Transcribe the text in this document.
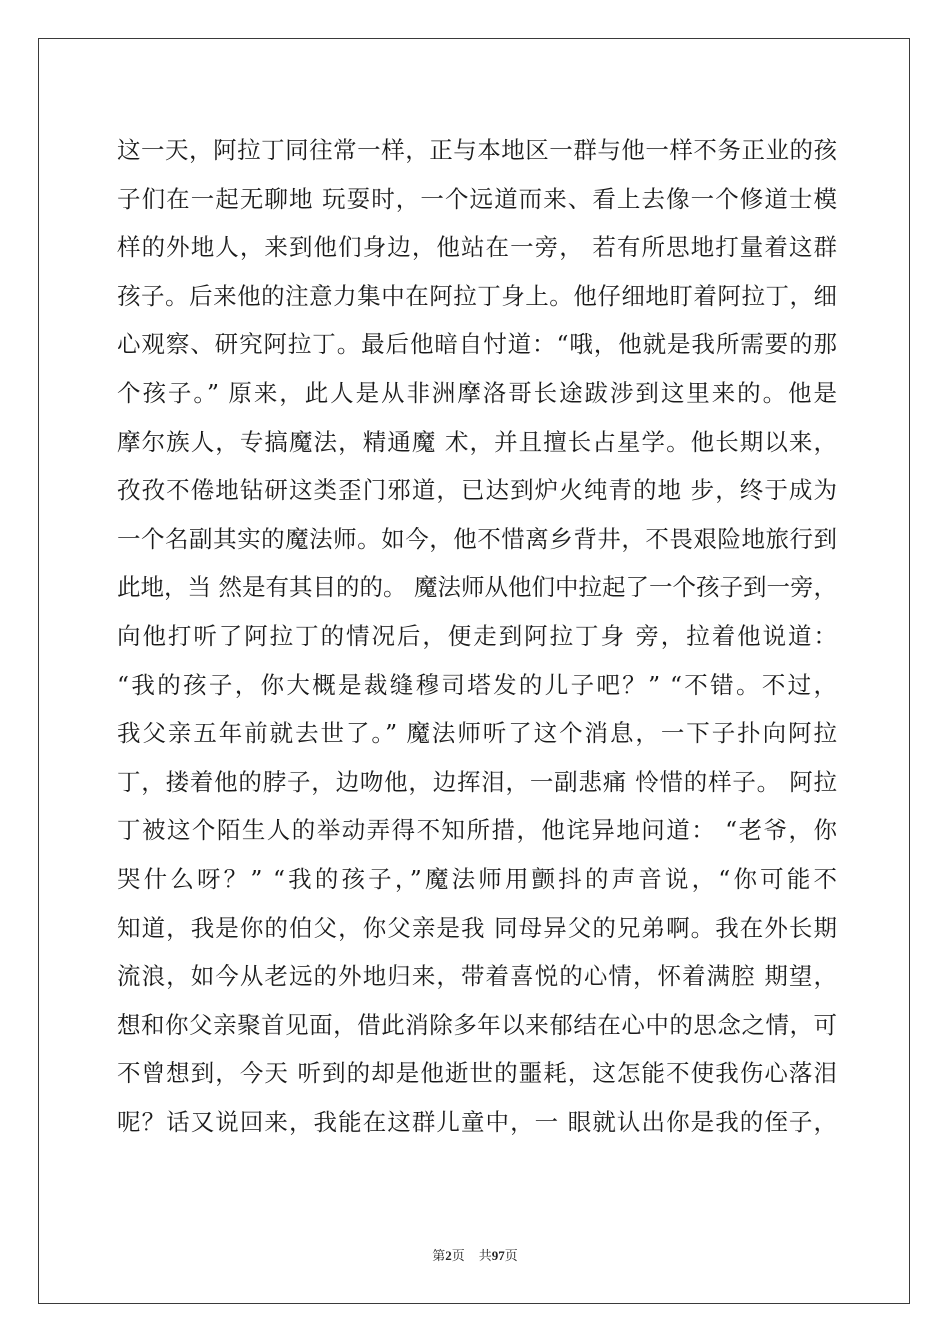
这一天，阿拉丁同往常一样，正与本地区一群与他一样不务正业的孩
子们在一起无聊地 玩耍时，一个远道而来、看上去像一个修道士模
样的外地人，来到他们身边，他站在一旁， 若有所思地打量着这群
孩子。后来他的注意力集中在阿拉丁身上。他仔细地盯着阿拉丁，细
心观察、研究阿拉丁。最后他暗自忖道：“哦，他就是我所需要的那
个孩子。” 原来，此人是从非洲摩洛哥长途跋涉到这里来的。他是
摩尔族人，专搞魔法，精通魔 术，并且擅长占星学。他长期以来，
孜孜不倦地钻研这类歪门邪道，已达到炉火纯青的地 步，终于成为
一个名副其实的魔法师。如今，他不惜离乡背井，不畏艰险地旅行到
此地，当 然是有其目的的。 魔法师从他们中拉起了一个孩子到一旁，
向他打听了阿拉丁的情况后，便走到阿拉丁身 旁，拉着他说道：
“我的孩子，你大概是裁缝穆司塔发的儿子吧？” “不错。不过，
我父亲五年前就去世了。” 魔法师听了这个消息，一下子扑向阿拉
丁，搂着他的脖子，边吻他，边挥泪，一副悲痛 怜惜的样子。 阿拉
丁被这个陌生人的举动弄得不知所措，他诧异地问道： “老爷，你
哭什么呀？” “我的孩子，”魔法师用颤抖的声音说，“你可能不
知道，我是你的伯父，你父亲是我 同母异父的兄弟啊。我在外长期
流浪，如今从老远的外地归来，带着喜悦的心情，怀着满腔 期望，
想和你父亲聚首见面，借此消除多年以来郁结在心中的思念之情，可
不曾想到，今天 听到的却是他逝世的噩耗，这怎能不使我伤心落泪
呢？话又说回来，我能在这群儿童中，一 眼就认出你是我的侄子，
第2页 共97页
